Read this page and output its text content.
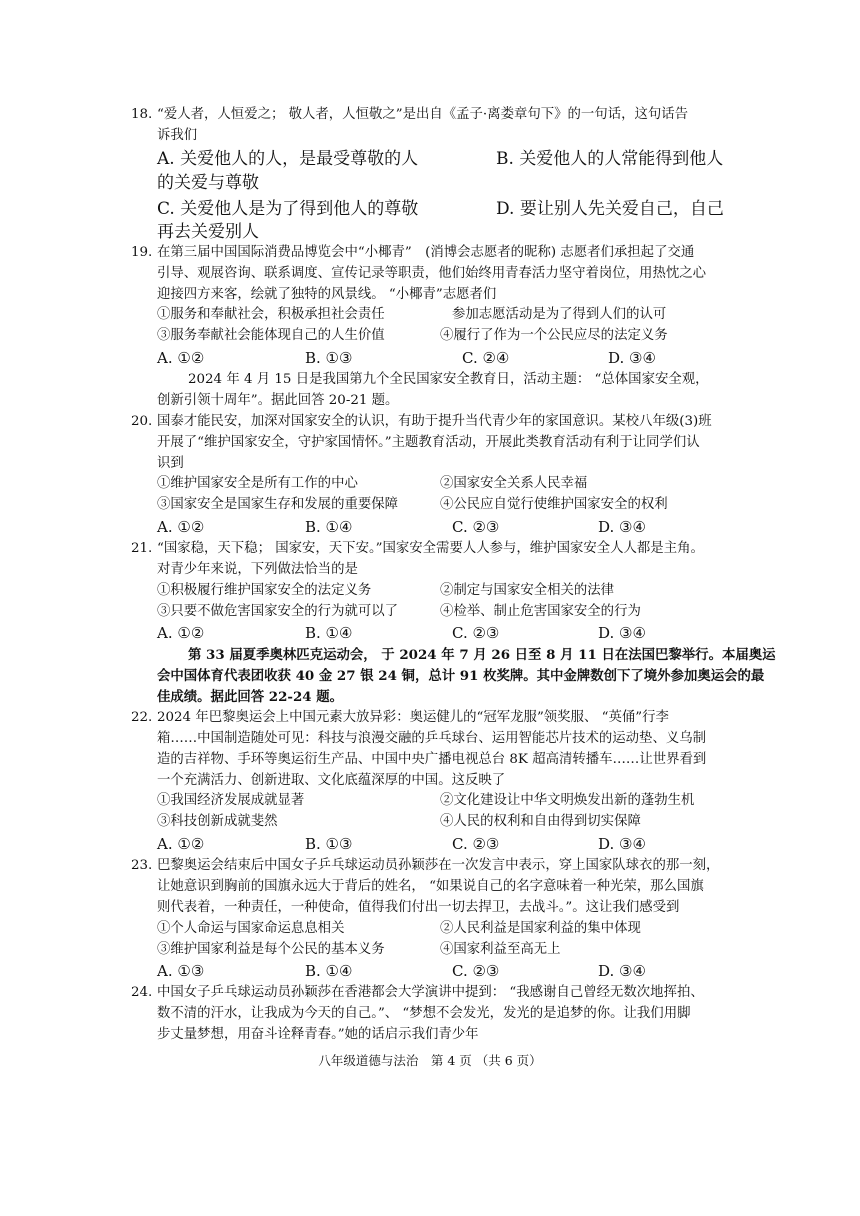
18. “爱人者，人恒爱之； 敬人者，人恒敬之”是出自《孟子·离娄章句下》的一句话，这句话告
诉我们
A. 关爱他人的人，是最受尊敬的人	B. 关爱他人的人常能得到他人
的关爱与尊敬
C. 关爱他人是为了得到他人的尊敬	D. 要让别人先关爱自己，自己
再去关爱别人
19. 在第三届中国国际消费品博览会中“小椰青”　(消博会志愿者的昵称) 志愿者们承担起了交通
引导、观展咨询、联系调度、宣传记录等职责，他们始终用青春活力坚守着岗位，用热忱之心
迎接四方来客，绘就了独特的风景线。 “小椰青”志愿者们
①服务和奉献社会，积极承担社会责任	参加志愿活动是为了得到人们的认可
③服务奉献社会能体现自己的人生价值	④履行了作为一个公民应尽的法定义务
A. ①②	B. ①③	C. ②④	D. ③④
2024 年 4 月 15 日是我国第九个全民国家安全教育日，活动主题： “总体国家安全观，
创新引领十周年”。据此回答 20-21 题。
20. 国泰才能民安，加深对国家安全的认识，有助于提升当代青少年的家国意识。某校八年级(3)班
开展了“维护国家安全，守护家国情怀。”主题教育活动，开展此类教育活动有利于让同学们认
识到
①维护国家安全是所有工作的中心	②国家安全关系人民幸福
③国家安全是国家生存和发展的重要保障	④公民应自觉行使维护国家安全的权利
A. ①②	B. ①④	C. ②③	D. ③④
21. “国家稳，天下稳； 国家安，天下安。”国家安全需要人人参与，维护国家安全人人都是主角。
对青少年来说，下列做法恰当的是
①积极履行维护国家安全的法定义务	②制定与国家安全相关的法律
③只要不做危害国家安全的行为就可以了	④检举、制止危害国家安全的行为
A. ①②	B. ①④	C. ②③	D. ③④
第 33 届夏季奥林匹克运动会， 于 2024 年 7 月 26 日至 8 月 11 日在法国巴黎举行。本届奥运
会中国体育代表团收获 40 金 27 银 24 铜，总计 91 枚奖牌。其中金牌数创下了境外参加奥运会的最
佳成绩。据此回答 22-24 题。
22. 2024 年巴黎奥运会上中国元素大放异彩：奥运健儿的“冠军龙服”领奖服、 “英俑”行李
箱……中国制造随处可见：科技与浪漫交融的乒乓球台、运用智能芯片技术的运动垫、义乌制
造的吉祥物、手环等奥运衍生产品、中国中央广播电视总台 8K 超高清转播车……让世界看到
一个充满活力、创新进取、文化底蕴深厚的中国。这反映了
①我国经济发展成就显著	②文化建设让中华文明焕发出新的蓬勃生机
③科技创新成就斐然	④人民的权利和自由得到切实保障
A. ①②	B. ①③	C. ②③	D. ③④
23. 巴黎奥运会结束后中国女子乒乓球运动员孙颖莎在一次发言中表示，穿上国家队球衣的那一刻，
让她意识到胸前的国旗永远大于背后的姓名， “如果说自己的名字意味着一种光荣，那么国旗
则代表着，一种责任，一种使命，值得我们付出一切去捍卫，去战斗。”。这让我们感受到
①个人命运与国家命运息息相关	②人民利益是国家利益的集中体现
③维护国家利益是每个公民的基本义务	④国家利益至高无上
A. ①③	B. ①④	C. ②③	D. ③④
24. 中国女子乒乓球运动员孙颖莎在香港都会大学演讲中提到： “我感谢自己曾经无数次地挥拍、
数不清的汗水，让我成为今天的自己。”、 “梦想不会发光，发光的是追梦的你。让我们用脚
步丈量梦想，用奋斗诠释青春。”她的话启示我们青少年
八年级道德与法治　第 4 页 （共 6 页）
